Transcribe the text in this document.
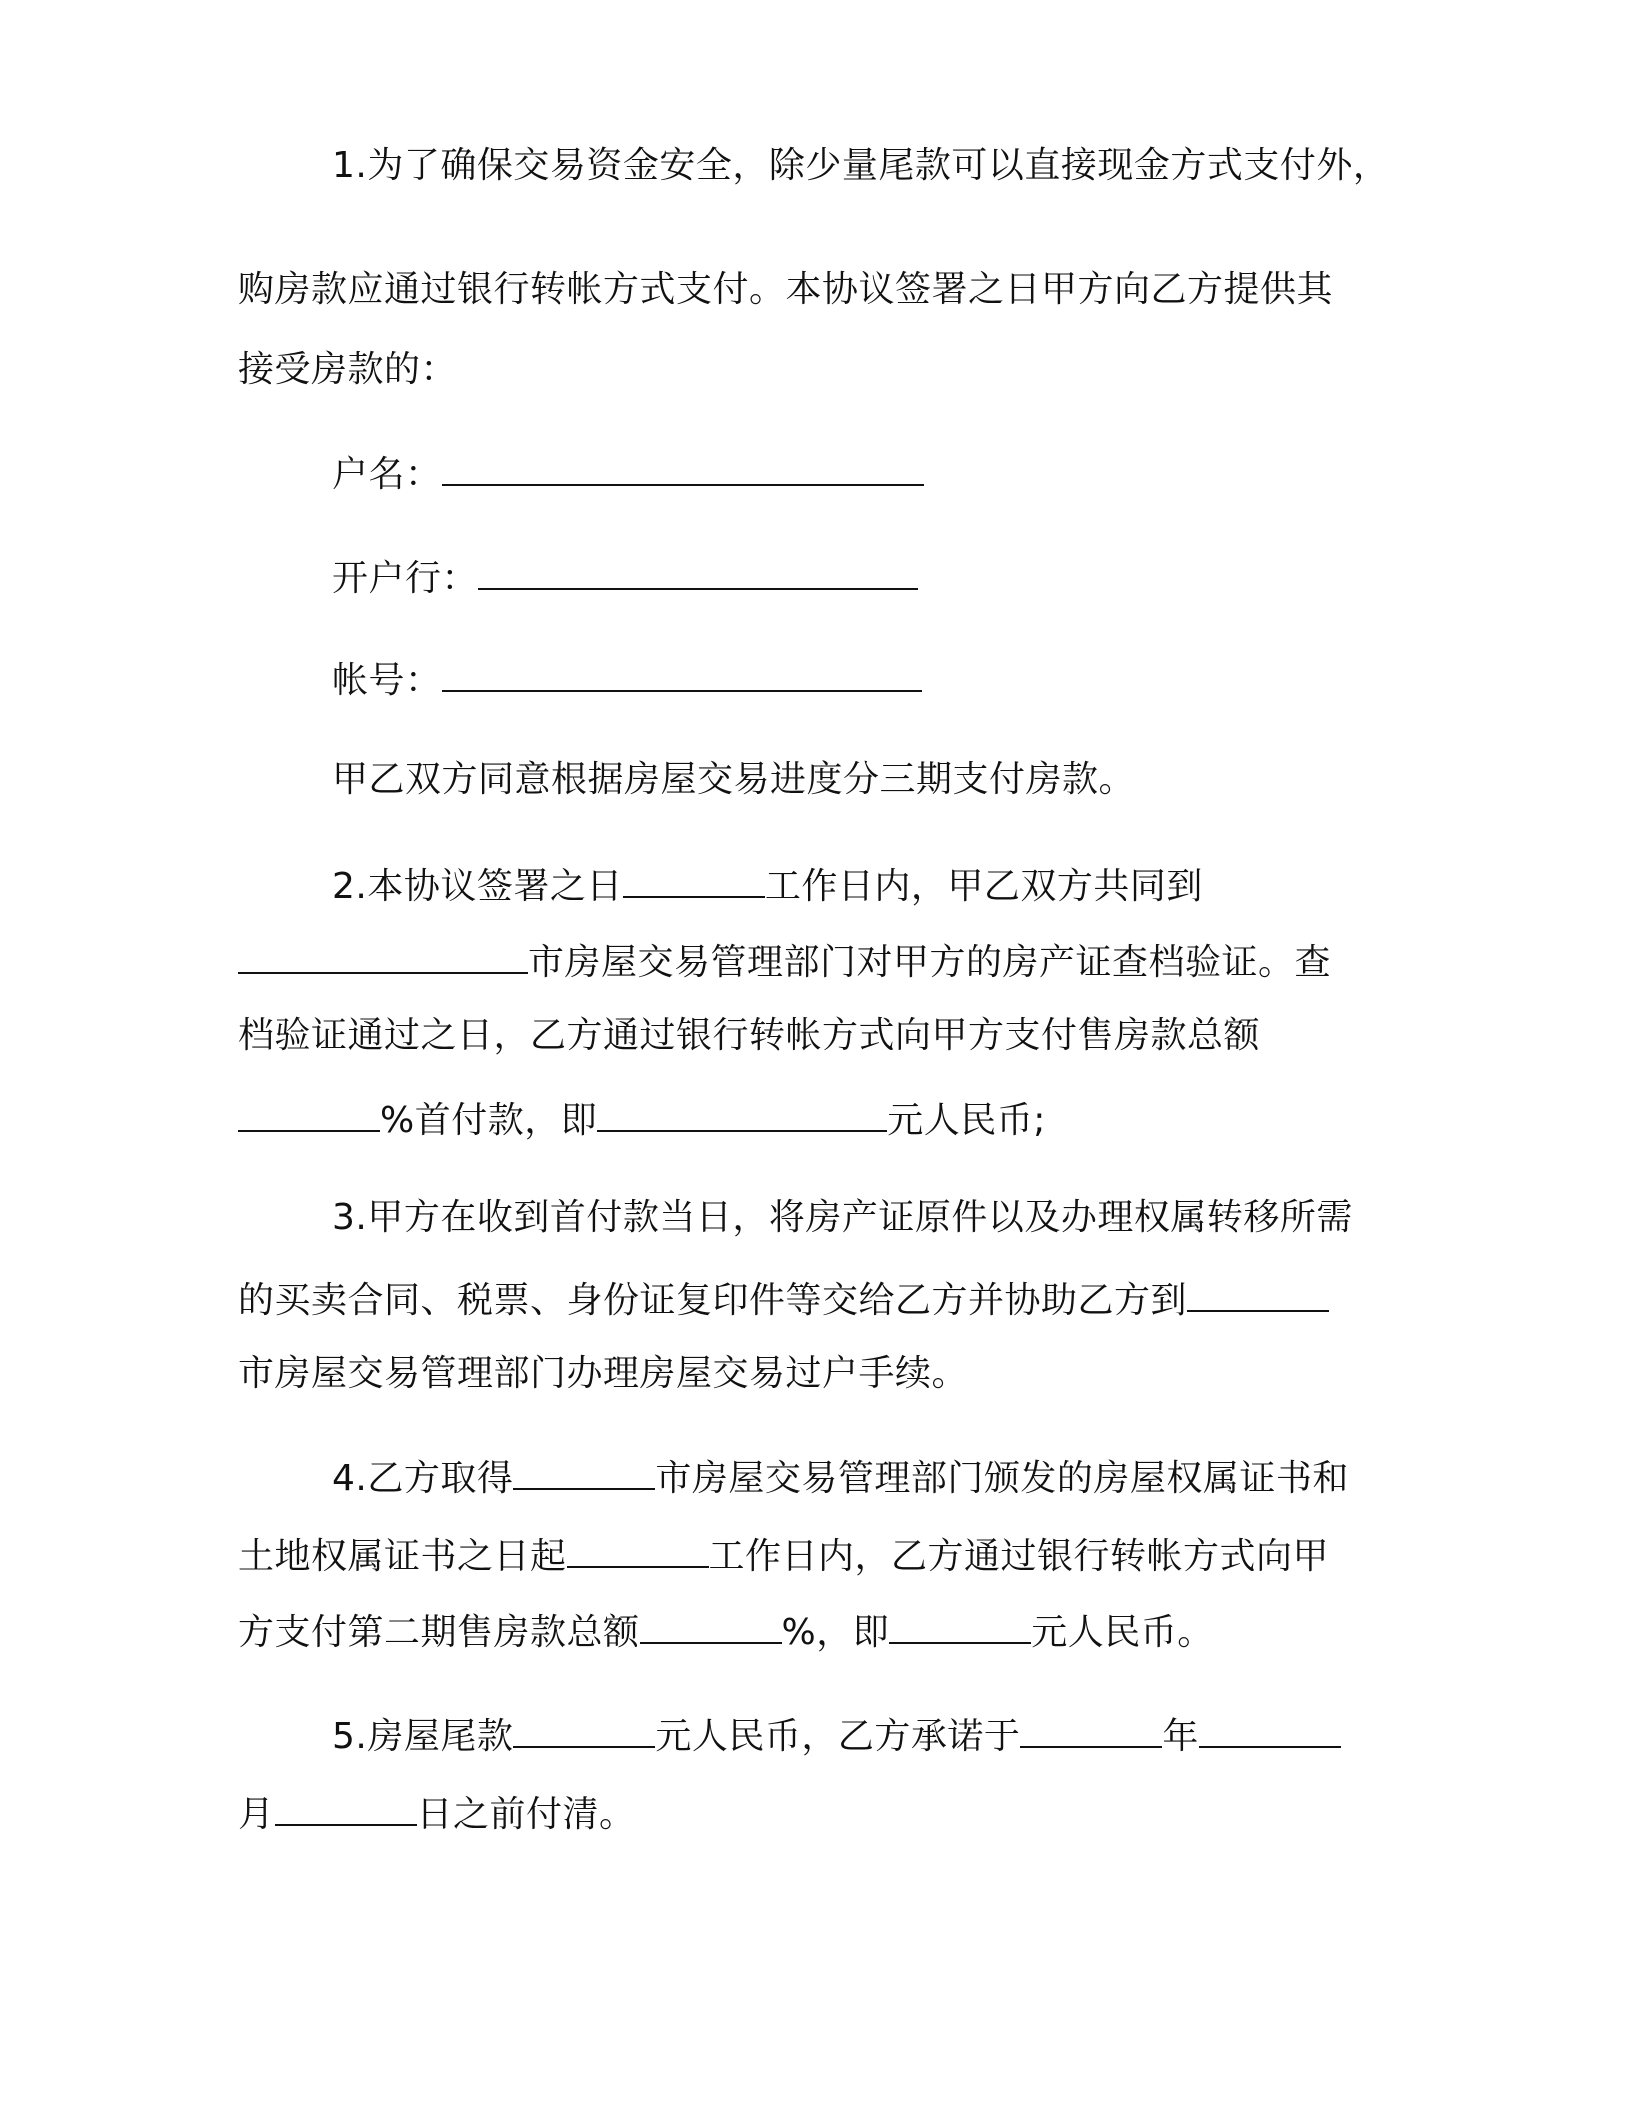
1.为了确保交易资金安全，除少量尾款可以直接现金方式支付外，

购房款应通过银行转帐方式支付。本协议签署之日甲方向乙方提供其

接受房款的：

户名：

开户行：

帐号：

甲乙双方同意根据房屋交易进度分三期支付房款。

2.本协议签署之日	工作日内，甲乙双方共同到

市房屋交易管理部门对甲方的房产证查档验证。查

档验证通过之日，乙方通过银行转帐方式向甲方支付售房款总额

%首付款，即	元人民币;

3.甲方在收到首付款当日，将房产证原件以及办理权属转移所需

的买卖合同、税票、身份证复印件等交给乙方并协助乙方到

市房屋交易管理部门办理房屋交易过户手续。

4.乙方取得	市房屋交易管理部门颁发的房屋权属证书和

土地权属证书之日起	工作日内，乙方通过银行转帐方式向甲

方支付第二期售房款总额	%，即	元人民币。

5.房屋尾款	元人民币，乙方承诺于	年

月	日之前付清。
